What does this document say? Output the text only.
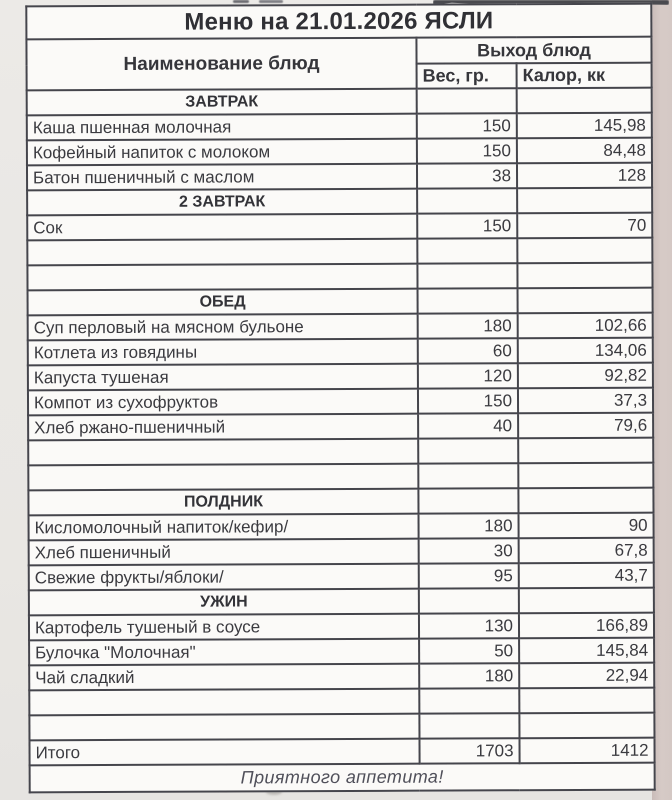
Меню на 21.01.2026 ЯСЛИ		
Наименование блюд	Выход блюд	
	Вес, гр.	Калор, кк
ЗАВТРАК		
Каша пшенная молочная	150	145,98
Кофейный напиток с молоком	150	84,48
Батон пшеничный с маслом	38	128
2 ЗАВТРАК		
Сок	150	70

ОБЕД		
Суп перловый на мясном бульоне	180	102,66
Котлета из говядины	60	134,06
Капуста тушеная	120	92,82
Компот из сухофруктов	150	37,3
Хлеб ржано-пшеничный	40	79,6

ПОЛДНИК		
Кисломолочный напиток/кефир/	180	90
Хлеб пшеничный	30	67,8
Свежие фрукты/яблоки/	95	43,7
УЖИН		
Картофель тушеный в соусе	130	166,89
Булочка "Молочная"	50	145,84
Чай сладкий	180	22,94

Итого	1703	1412
Приятного аппетита!		
